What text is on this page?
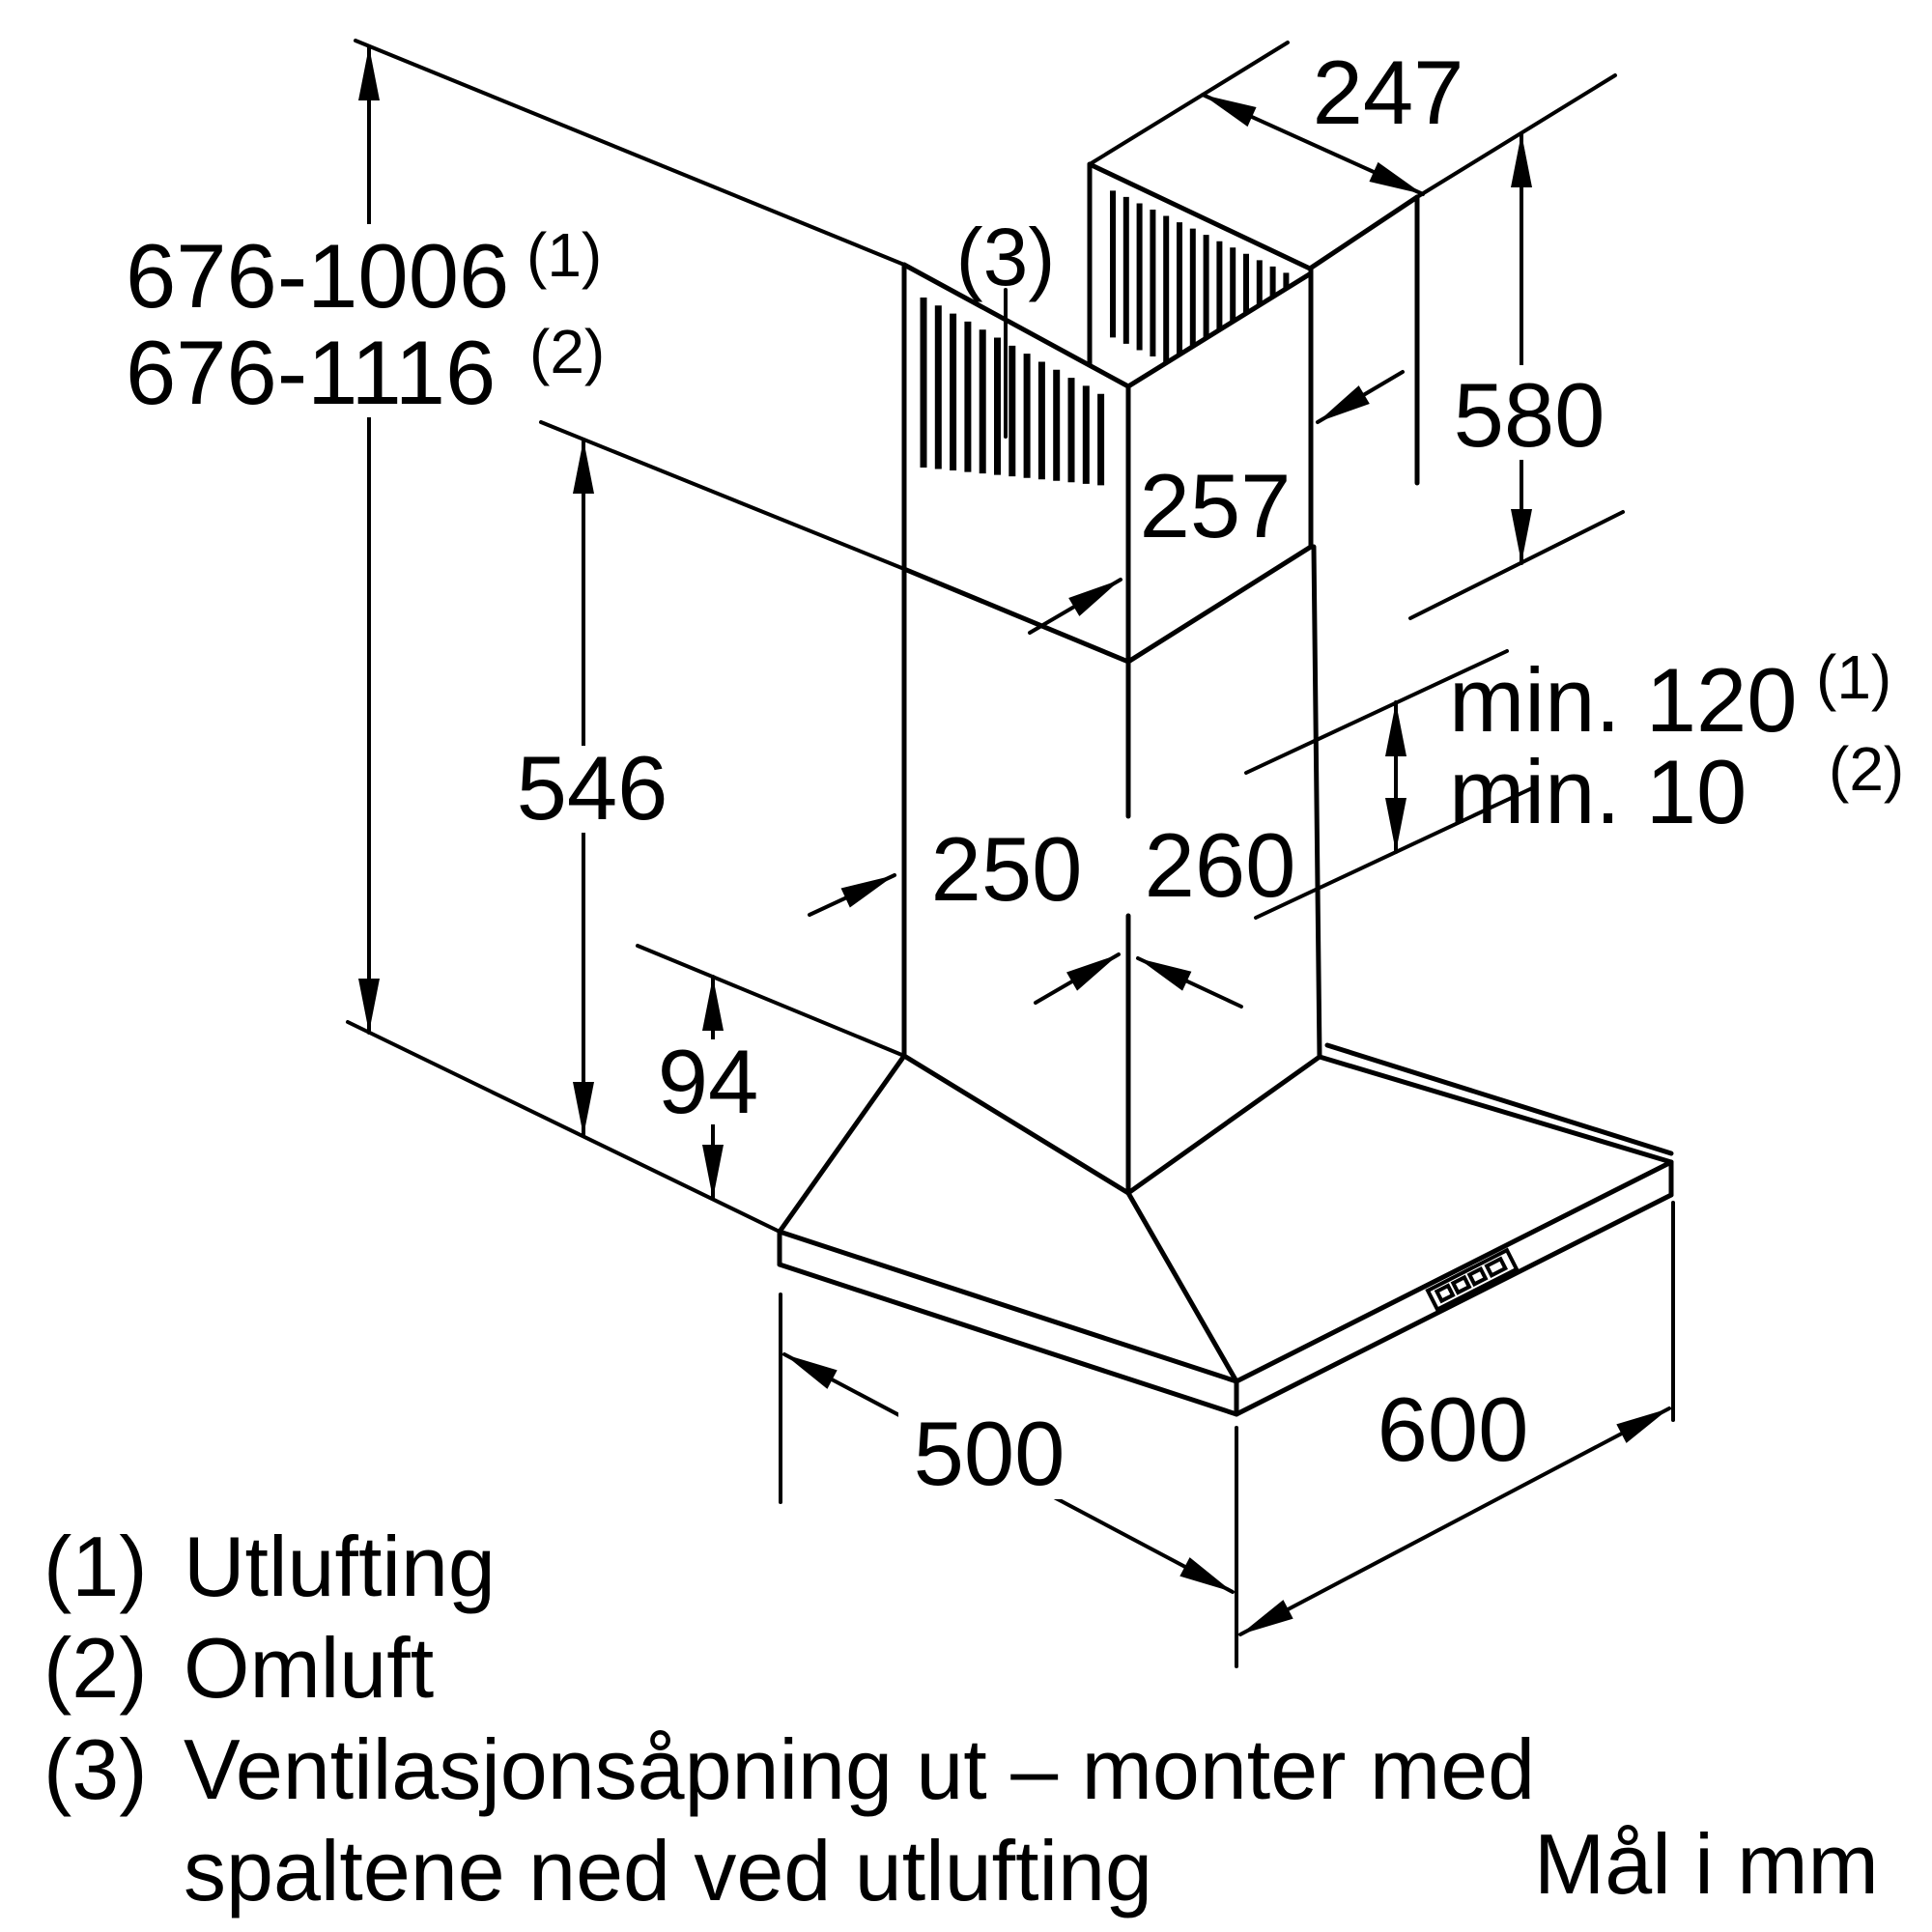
676-1006 (1)
676-1116 (2)
247
580
257
min. 120 (1)
min. 10 (2)
546
250 260
94
500	600
(3)
(1) Utlufting
(2) Omluft
(3) Ventilasjonsåpning ut – monter med
spaltene ned ved utlufting	Mål i mm
